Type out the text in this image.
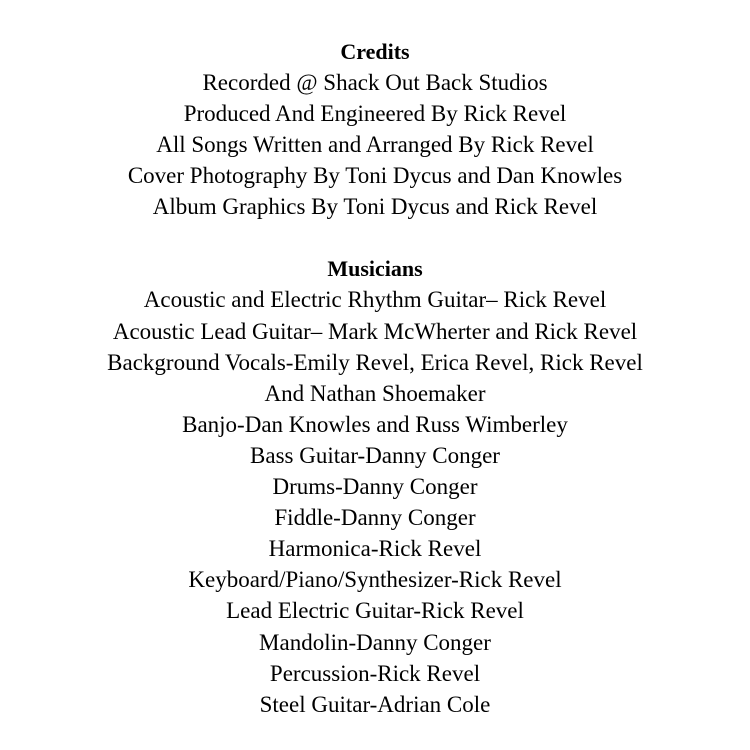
Credits
Recorded @ Shack Out Back Studios
Produced And Engineered By Rick Revel
All Songs Written and Arranged By Rick Revel
Cover Photography By Toni Dycus and Dan Knowles
Album Graphics By Toni Dycus and Rick Revel
Musicians
Acoustic and Electric Rhythm Guitar– Rick Revel
Acoustic Lead Guitar– Mark McWherter and Rick Revel
Background Vocals-Emily Revel, Erica Revel, Rick Revel
And Nathan Shoemaker
Banjo-Dan Knowles and Russ Wimberley
Bass Guitar-Danny Conger
Drums-Danny Conger
Fiddle-Danny Conger
Harmonica-Rick Revel
Keyboard/Piano/Synthesizer-Rick Revel
Lead Electric Guitar-Rick Revel
Mandolin-Danny Conger
Percussion-Rick Revel
Steel Guitar-Adrian Cole
